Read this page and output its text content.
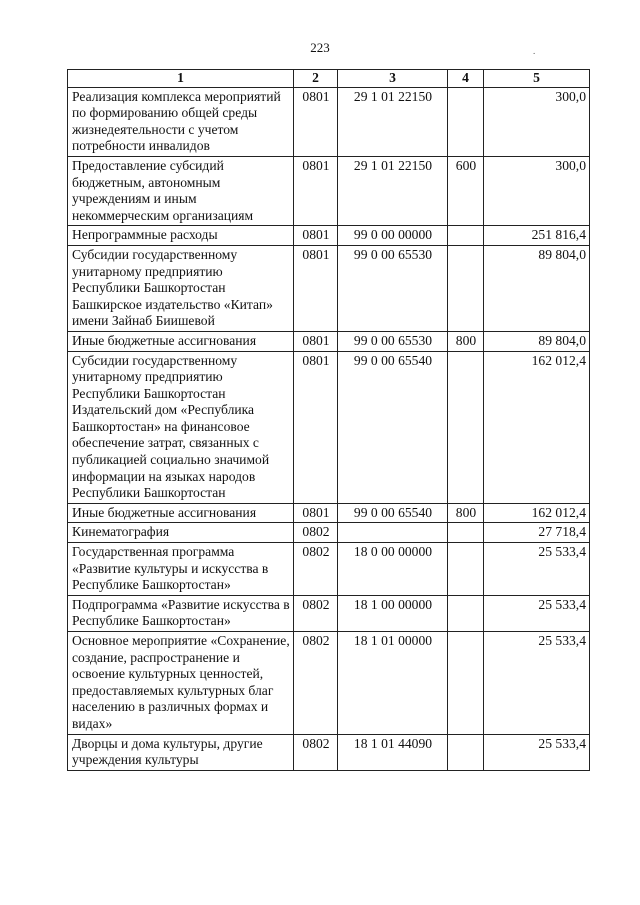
223	.
1	2	3	4	5
Реализация комплекса мероприятий по формированию общей среды жизнедеятельности с учетом потребности инвалидов	0801	29 1 01 22150		300,0
Предоставление субсидий бюджетным, автономным учреждениям и иным некоммерческим организациям	0801	29 1 01 22150	600	300,0
Непрограммные расходы	0801	99 0 00 00000		251 816,4
Субсидии государственному унитарному предприятию Республики Башкортостан Башкирское издательство «Китап» имени Зайнаб Биишевой	0801	99 0 00 65530		89 804,0
Иные бюджетные ассигнования	0801	99 0 00 65530	800	89 804,0
Субсидии государственному унитарному предприятию Республики Башкортостан Издательский дом «Республика Башкортостан» на финансовое обеспечение затрат, связанных с публикацией социально значимой информации на языках народов Республики Башкортостан	0801	99 0 00 65540		162 012,4
Иные бюджетные ассигнования	0801	99 0 00 65540	800	162 012,4
Кинематография	0802			27 718,4
Государственная программа «Развитие культуры и искусства в Республике Башкортостан»	0802	18 0 00 00000		25 533,4
Подпрограмма «Развитие искусства в Республике Башкортостан»	0802	18 1 00 00000		25 533,4
Основное мероприятие «Сохранение, создание, распространение и освоение культурных ценностей, предоставляемых культурных благ населению в различных формах и видах»	0802	18 1 01 00000		25 533,4
Дворцы и дома культуры, другие учреждения культуры	0802	18 1 01 44090		25 533,4
